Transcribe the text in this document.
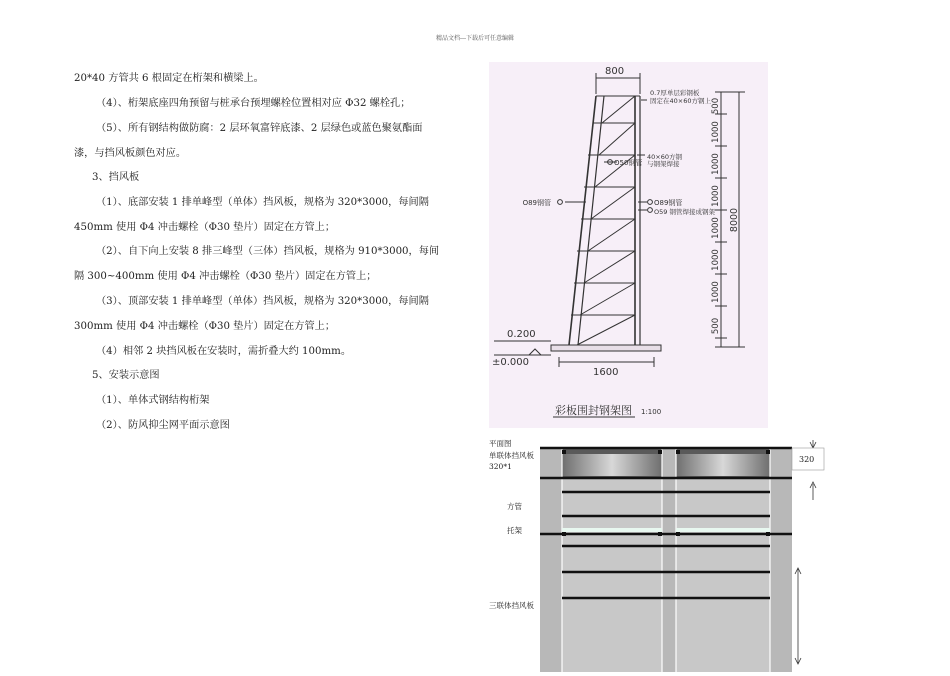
精品文档---下载后可任意编辑
20*40 方管共 6 根固定在桁架和横梁上。
（4）、桁架底座四角预留与桩承台预埋螺栓位置相对应 Φ32 螺栓孔；
（5）、所有钢结构做防腐：2 层环氧富锌底漆、2 层绿色或蓝色聚氨酯面
漆，与挡风板颜色对应。
3、挡风板
（1）、底部安装 1 排单峰型（单体）挡风板，规格为 320*3000，每间隔
450mm 使用 Φ4 冲击螺栓（Φ30 垫片）固定在方管上；
（2）、自下向上安装 8 排三峰型（三体）挡风板，规格为 910*3000，每间
隔 300~400mm 使用 Φ4 冲击螺栓（Φ30 垫片）固定在方管上；
（3）、顶部安装 1 排单峰型（单体）挡风板，规格为 320*3000，每间隔
300mm 使用 Φ4 冲击螺栓（Φ30 垫片）固定在方管上；
（4）相邻 2 块挡风板在安装时，需折叠大约 100mm。
5、安装示意图
（1）、单体式钢结构桁架
（2）、防风抑尘网平面示意图
800
1600
0.7厚单层彩钢板
固定在40×60方钢上
O50钢管
40×60方钢
与钢架焊接
O89钢管	O89钢管
O59 钢管焊接成钢架
0.200
±0.000
彩板围封钢架图 1:100
500
1000
1000
1000
1000
1000
1000
500
8000
平面图
单联体挡风板
320*1
方管
托架
三联体挡风板
320
